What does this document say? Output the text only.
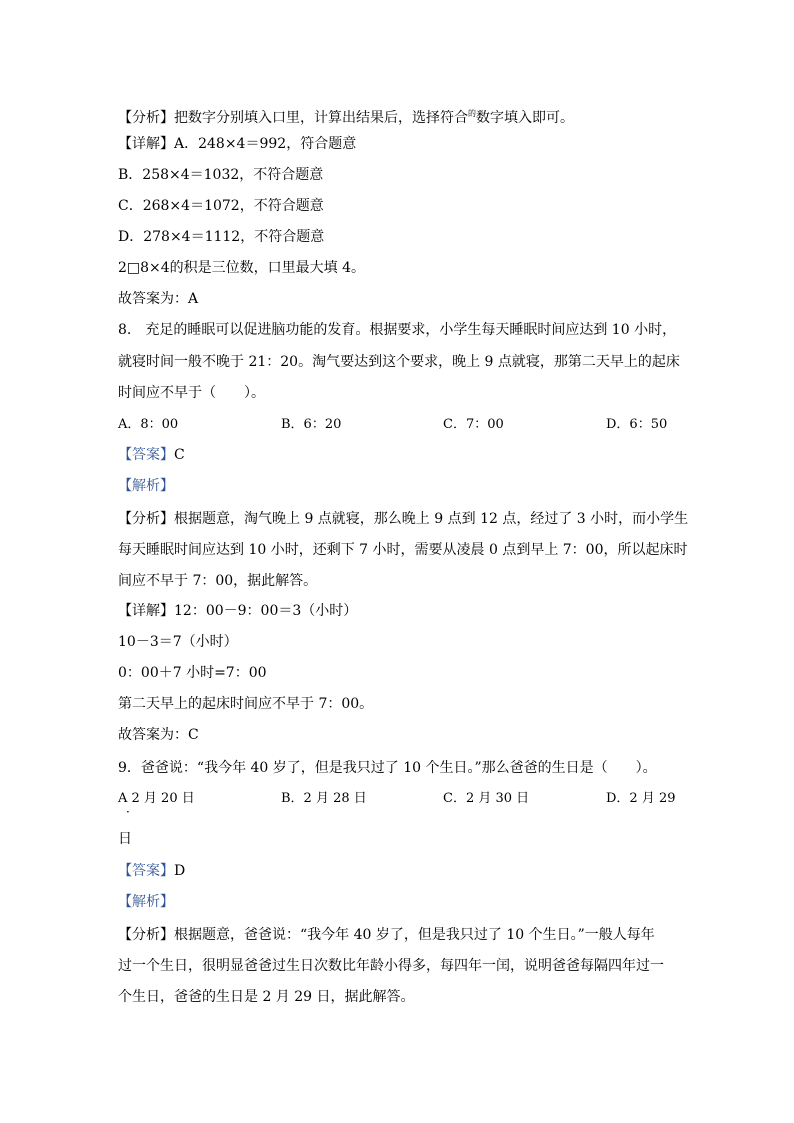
【分析】把数字分别填入口里，计算出结果后，选择符合$^的$数字填入即可。
【详解】A．248×4＝992，符合题意
B．258×4＝1032，不符合题意
C．268×4＝1072，不符合题意
D．278×4＝1112，不符合题意
2□8×4的积是三位数，口里最大填 4。
故答案为：A
8.　充足的睡眠可以促进脑功能的发育。根据要求，小学生每天睡眠时间应达到 10 小时，
就寝时间一般不晚于 21：20。淘气要达到这个要求，晚上 9 点就寝，那第二天早上的起床
时间应不早于（　　）。
A．8：00	B．6：20	C．7：00	D．6：50
【答案】C
【解析】
【分析】根据题意，淘气晚上 9 点就寝，那么晚上 9 点到 12 点，经过了 3 小时，而小学生
每天睡眠时间应达到 10 小时，还剩下 7 小时，需要从凌晨 0 点到早上 7：00，所以起床时
间应不早于 7：00，据此解答。
【详解】12：00－9：00＝3（小时）
10－3＝7（小时）
0：00＋7 小时=7：00
第二天早上的起床时间应不早于 7：00。
故答案为：C
9．爸爸说：“我今年 40 岁了，但是我只过了 10 个生日。”那么爸爸的生日是（　　）。
A 2 月 20 日
·
B．2 月 28 日	C．2 月 30 日	D．2 月 29
日
【答案】D
【解析】
【分析】根据题意，爸爸说：“我今年 40 岁了，但是我只过了 10 个生日。”一般人每年
过一个生日，很明显爸爸过生日次数比年龄小得多，每四年一闰，说明爸爸每隔四年过一
个生日，爸爸的生日是 2 月 29 日，据此解答。
